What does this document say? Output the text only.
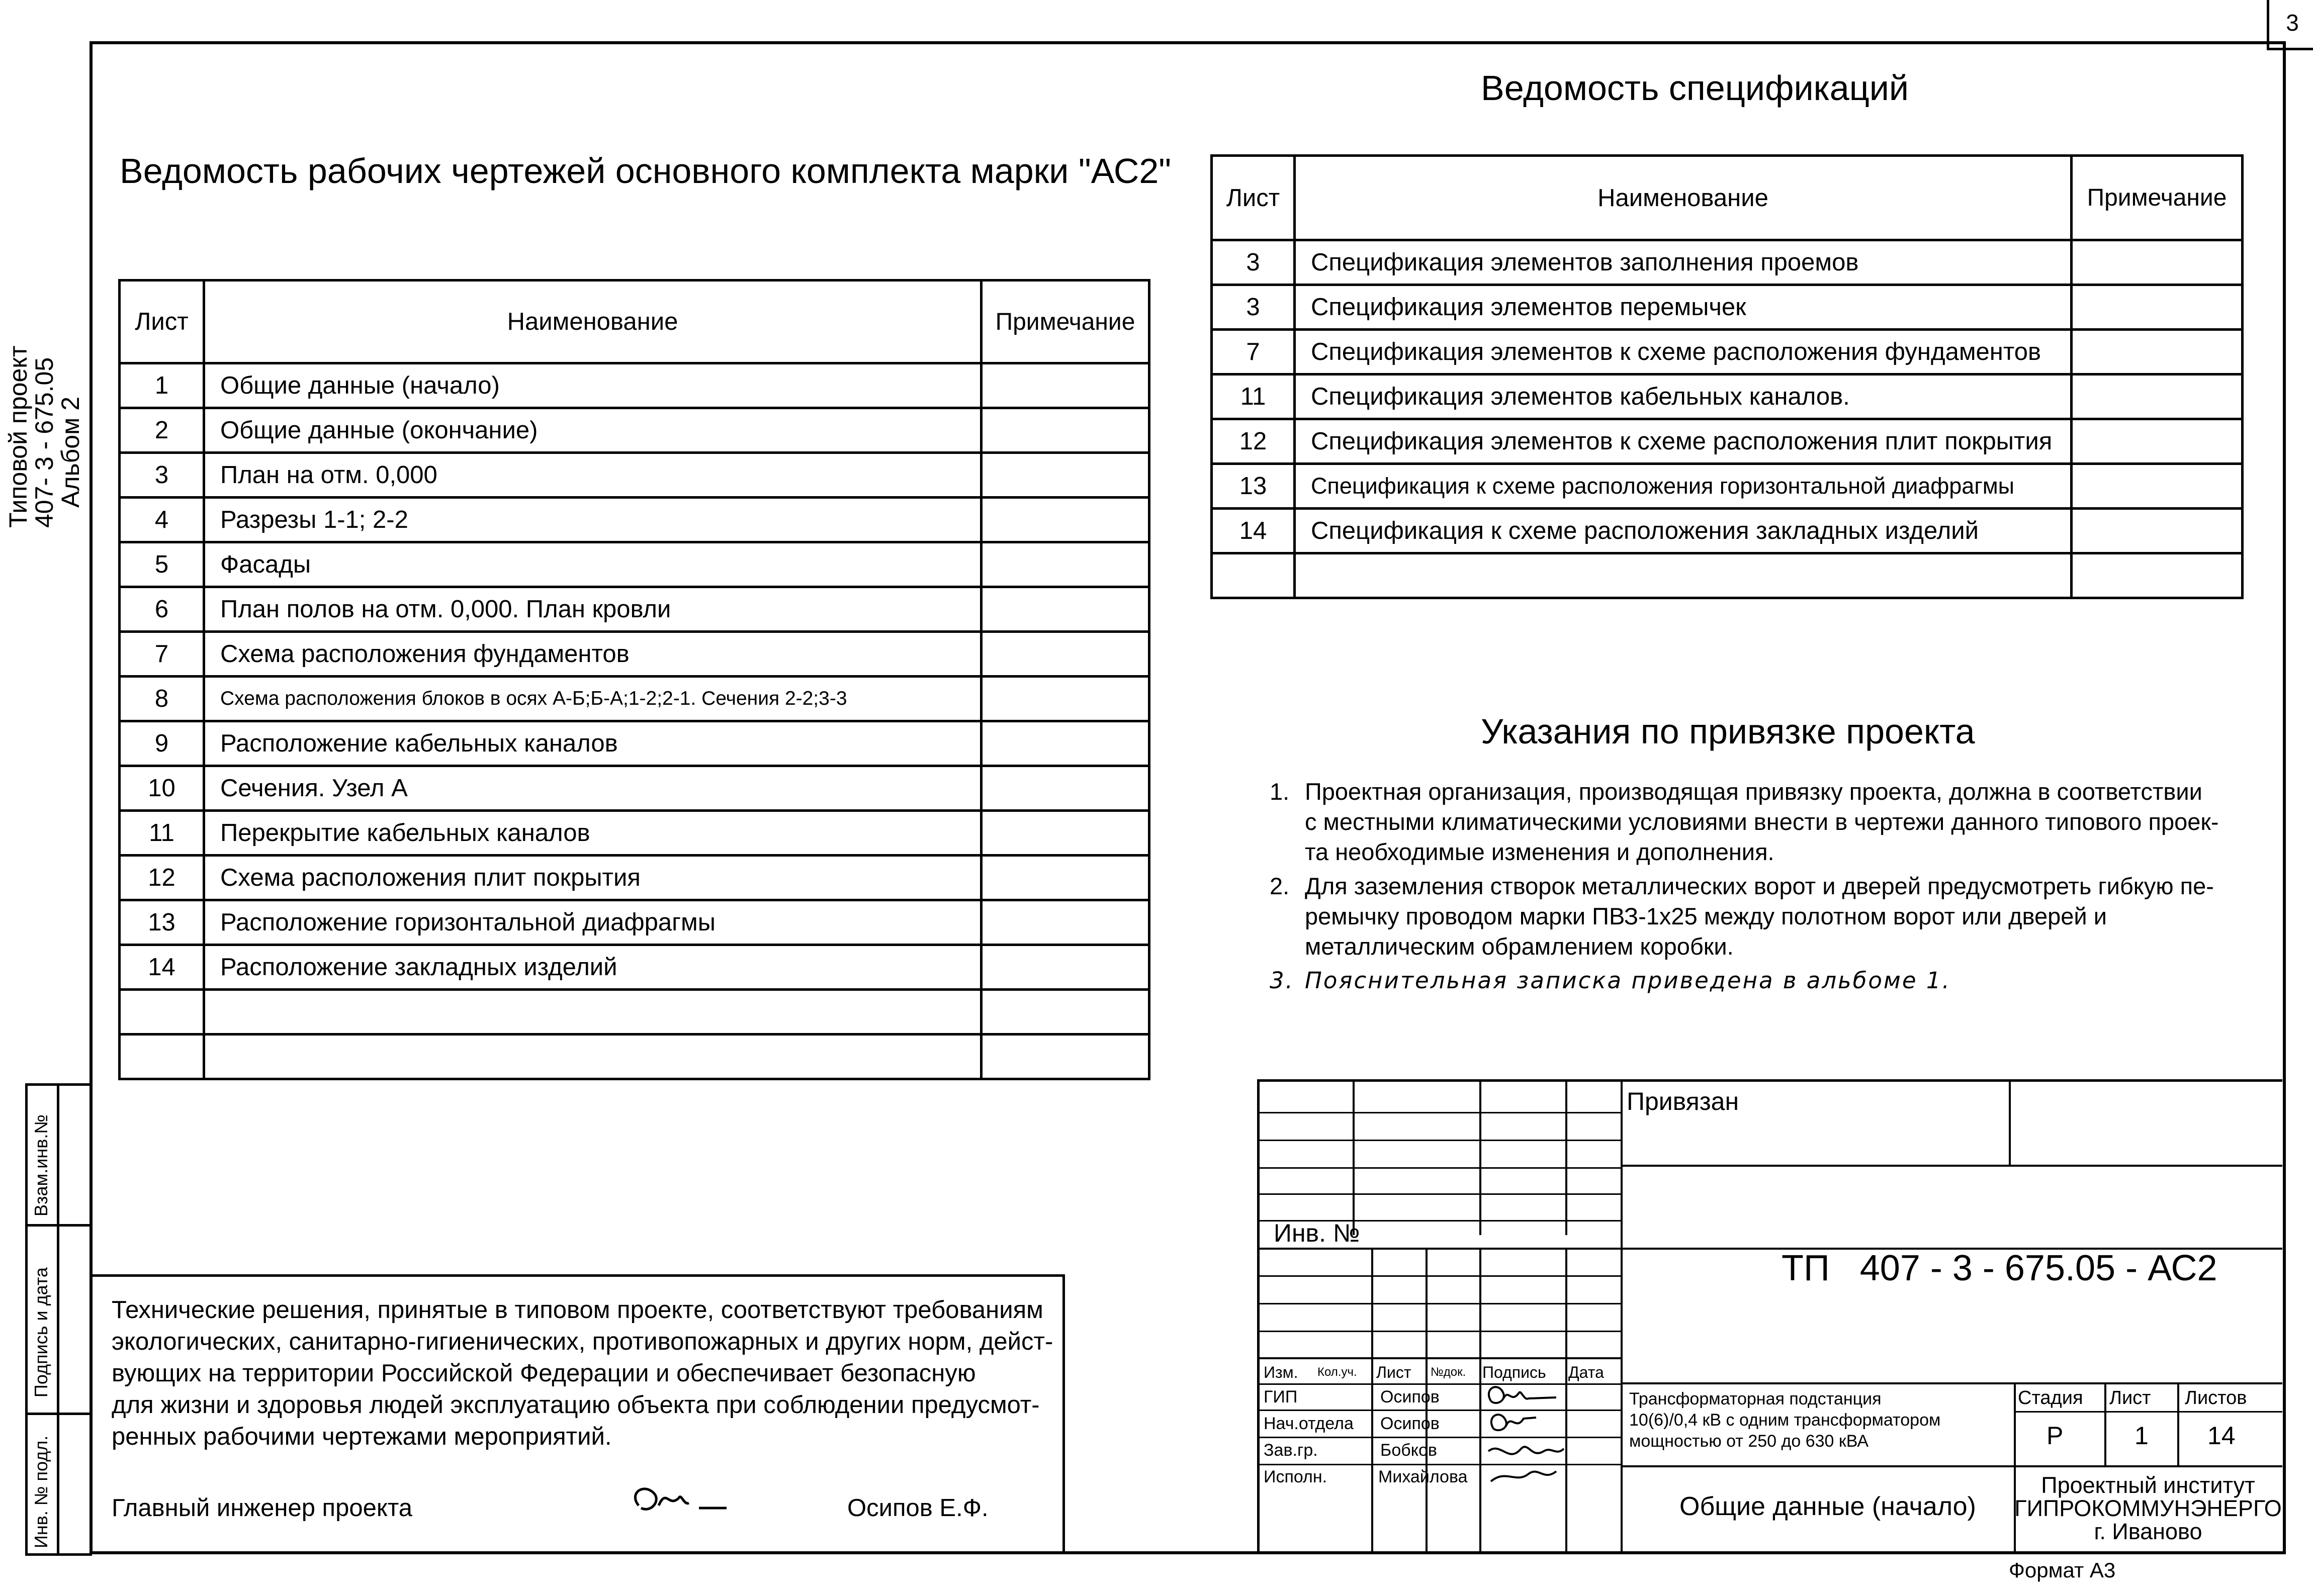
3
Типовой проект
407- 3 - 675.05
Альбом 2
Взам.инв.№
Подпись и дата
Инв. № подл.
Ведомость рабочих чертежей основного комплекта марки "АС2"
Лист	Наименование	Примечание
1	Общие данные (начало)	
2	Общие данные (окончание)	
3	План на отм. 0,000	
4	Разрезы 1-1; 2-2	
5	Фасады	
6	План полов на отм. 0,000. План кровли	
7	Схема расположения фундаментов	
8	Схема расположения блоков в осях А-Б;Б-А;1-2;2-1. Сечения 2-2;3-3	
9	Расположение кабельных каналов	
10	Сечения. Узел А	
11	Перекрытие кабельных каналов	
12	Схема расположения плит покрытия	
13	Расположение горизонтальной диафрагмы	
14	Расположение закладных изделий	

Ведомость спецификаций
Лист	Наименование	Примечание
3	Спецификация элементов заполнения проемов	
3	Спецификация элементов перемычек	
7	Спецификация элементов к схеме расположения фундаментов	
11	Спецификация элементов кабельных каналов.	
12	Спецификация элементов к схеме расположения плит покрытия	
13	Спецификация к схеме расположения горизонтальной диафрагмы	
14	Спецификация к схеме расположения закладных изделий	

Указания по привязке проекта
1. Проектная организация, производящая привязку проекта, должна в соответствии
с местными климатическими условиями внести в чертежи данного типового проек-
та необходимые изменения и дополнения.
2. Для заземления створок металлических ворот и дверей предусмотреть гибкую пе-
ремычку проводом марки ПВЗ-1х25 между полотном ворот или дверей и
металлическим обрамлением коробки.
3. Пояснительная записка приведена в альбоме 1.
Технические решения, принятые в типовом проекте, соответствуют требованиям
экологических, санитарно-гигиенических, противопожарных и других норм, дейст-
вующих на территории Российской Федерации и обеспечивает безопасную
для жизни и здоровья людей эксплуатацию объекта при соблюдении предусмот-
ренных рабочими чертежами мероприятий.
Главный инженер проекта	Осипов Е.Ф.
Привязан
Инв. №
ТП   407 - 3 - 675.05 - АС2
Изм. Кол.уч. Лист №док. Подпись Дата
ГИП	Осипов
Нач.отдела Осипов
Зав.гр.	Бобков
Исполн.	Михайлова
Трансформаторная подстанция
10(6)/0,4 кВ с одним трансформатором
мощностью от 250 до 630 кВА
Стадия Лист Листов
Р	1 14
Общие данные (начало)
Проектный институт
ГИПРОКОММУНЭНЕРГО
г. Иваново
Формат А3
